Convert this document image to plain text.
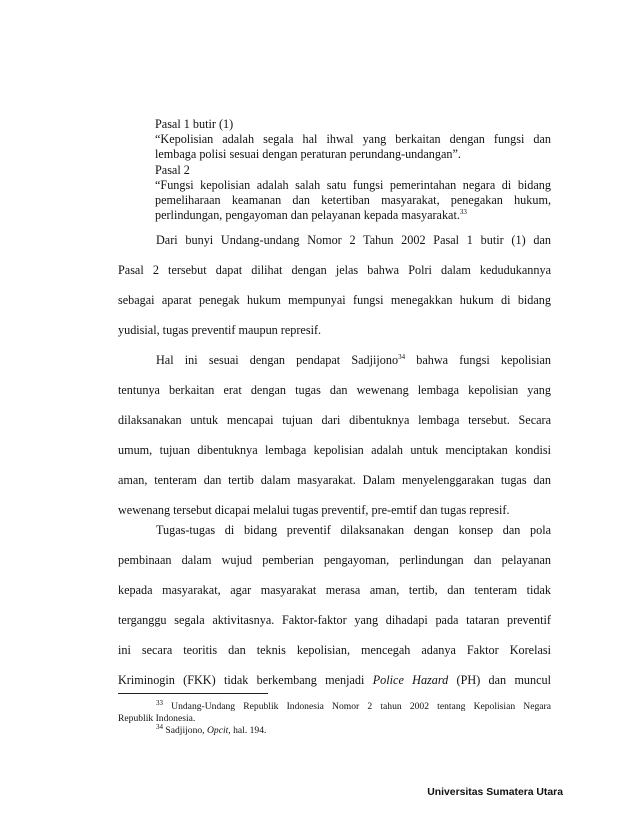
Pasal 1 butir (1)
“Kepolisian adalah segala hal ihwal yang berkaitan dengan fungsi dan
lembaga polisi sesuai dengan peraturan perundang-undangan”.
Pasal 2
“Fungsi kepolisian adalah salah satu fungsi pemerintahan negara di bidang
pemeliharaan keamanan dan ketertiban masyarakat, penegakan hukum,
perlindungan, pengayoman dan pelayanan kepada masyarakat.$^{33}$
Dari bunyi Undang-undang Nomor 2 Tahun 2002 Pasal 1 butir (1) dan
Pasal 2 tersebut dapat dilihat dengan jelas bahwa Polri dalam kedudukannya
sebagai aparat penegak hukum mempunyai fungsi menegakkan hukum di bidang
yudisial, tugas preventif maupun represif.
Hal ini sesuai dengan pendapat Sadjijono$^{34}$ bahwa fungsi kepolisian
tentunya berkaitan erat dengan tugas dan wewenang lembaga kepolisian yang
dilaksanakan untuk mencapai tujuan dari dibentuknya lembaga tersebut. Secara
umum, tujuan dibentuknya lembaga kepolisian adalah untuk menciptakan kondisi
aman, tenteram dan tertib dalam masyarakat. Dalam menyelenggarakan tugas dan
wewenang tersebut dicapai melalui tugas preventif, pre-emtif dan tugas represif.
Tugas-tugas di bidang preventif dilaksanakan dengan konsep dan pola
pembinaan dalam wujud pemberian pengayoman, perlindungan dan pelayanan
kepada masyarakat, agar masyarakat merasa aman, tertib, dan tenteram tidak
terganggu segala aktivitasnya. Faktor-faktor yang dihadapi pada tataran preventif
ini secara teoritis dan teknis kepolisian, mencegah adanya Faktor Korelasi
Kriminogin (FKK) tidak berkembang menjadi Police Hazard (PH) dan muncul
$^{33}$ Undang-Undang Republik Indonesia Nomor 2 tahun 2002 tentang Kepolisian Negara
Republik Indonesia.
$^{34}$ Sadjijono, Opcit, hal. 194.
Universitas Sumatera Utara
